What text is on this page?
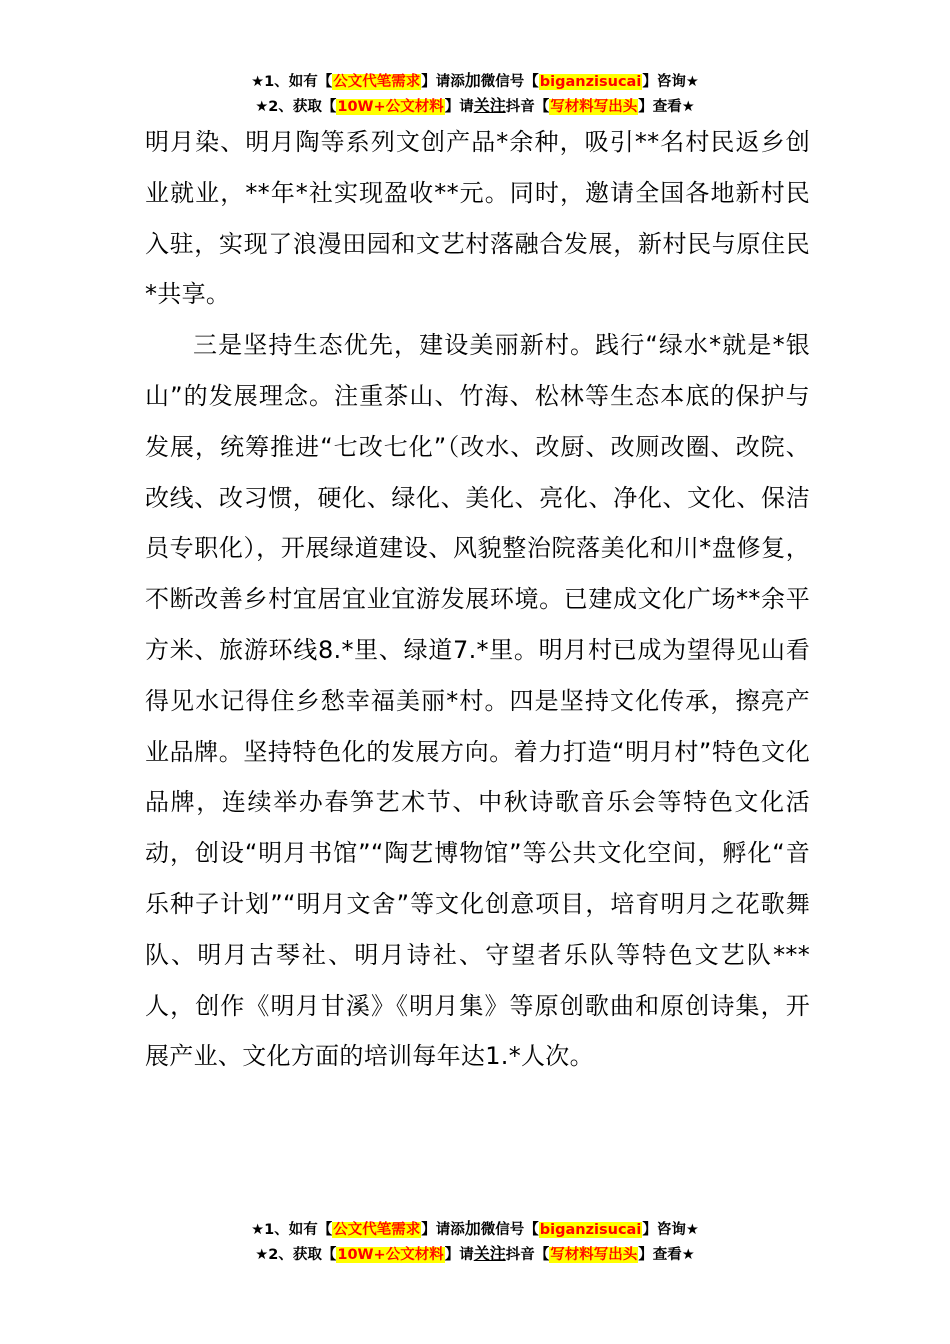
★1、如有【公文代笔需求】请添加微信号【biganzisucai】咨询★
★2、获取【10W+公文材料】请关注抖音【写材料写出头】查看★

明月染、明月陶等系列文创产品*余种，吸引**名村民返乡创业就业，**年*社实现盈收**元。同时，邀请全国各地新村民入驻，实现了浪漫田园和文艺村落融合发展，新村民与原住民*共享。

三是坚持生态优先，建设美丽新村。践行“绿水*就是*银山”的发展理念。注重茶山、竹海、松林等生态本底的保护与发展，统筹推进“七改七化”（改水、改厨、改厕改圈、改院、改线、改习惯，硬化、绿化、美化、亮化、净化、文化、保洁员专职化），开展绿道建设、风貌整治院落美化和川*盘修复，不断改善乡村宜居宜业宜游发展环境。已建成文化广场**余平方米、旅游环线8.*里、绿道7.*里。明月村已成为望得见山看得见水记得住乡愁幸福美丽*村。四是坚持文化传承，擦亮产业品牌。坚持特色化的发展方向。着力打造“明月村”特色文化品牌，连续举办春笋艺术节、中秋诗歌音乐会等特色文化活动，创设“明月书馆”“陶艺博物馆”等公共文化空间，孵化“音乐种子计划”“明月文舍”等文化创意项目，培育明月之花歌舞队、明月古琴社、明月诗社、守望者乐队等特色文艺队***人，创作《明月甘溪》《明月集》等原创歌曲和原创诗集，开展产业、文化方面的培训每年达1.*人次。

★1、如有【公文代笔需求】请添加微信号【biganzisucai】咨询★
★2、获取【10W+公文材料】请关注抖音【写材料写出头】查看★
